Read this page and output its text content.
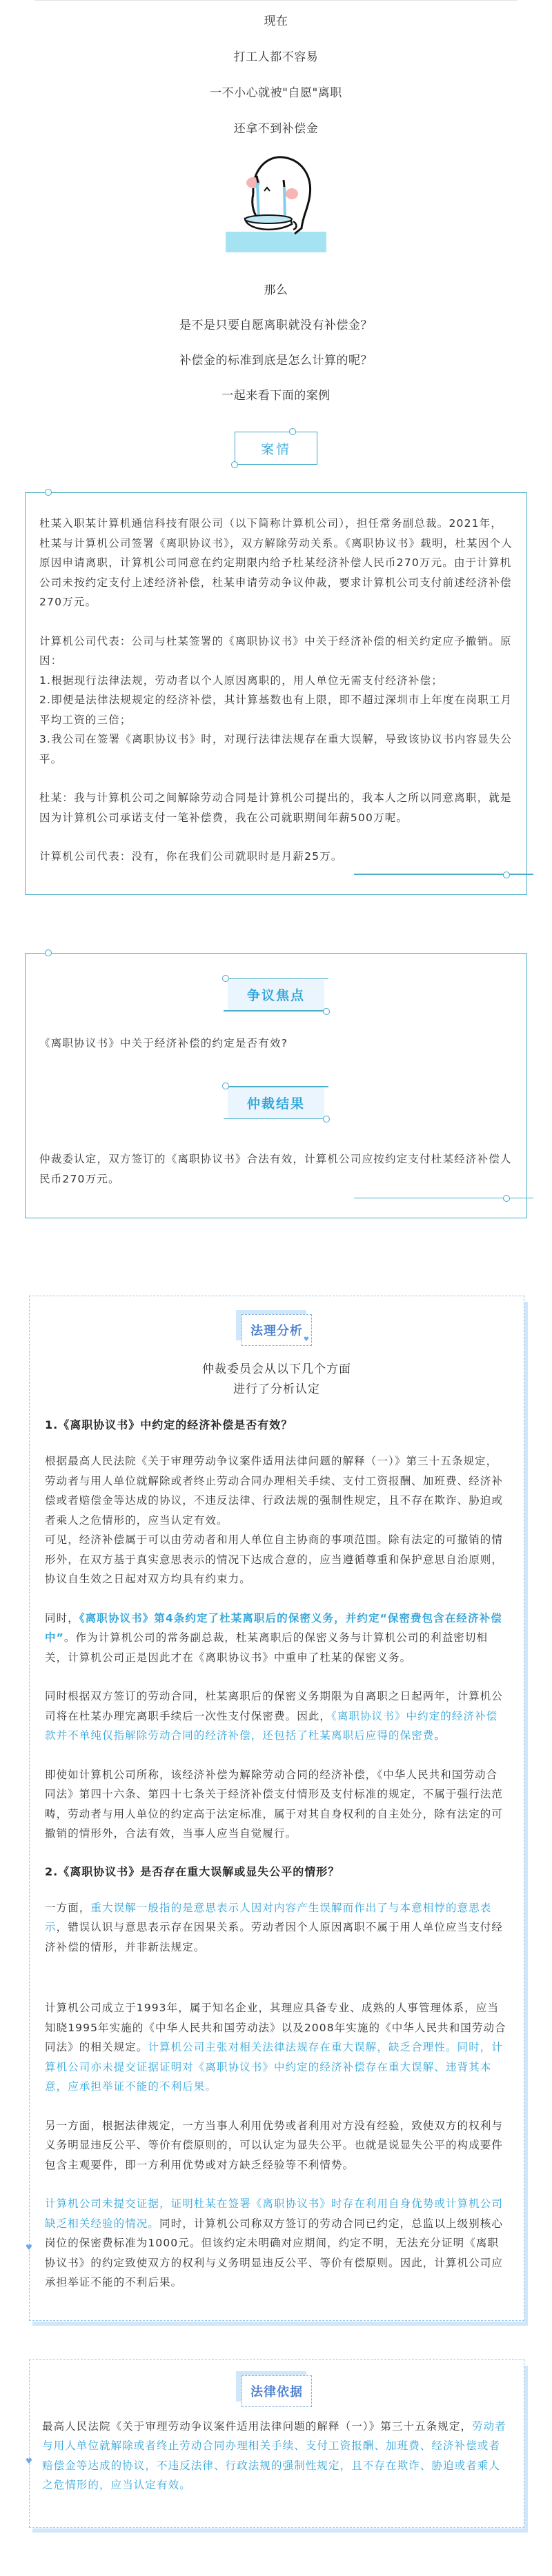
现在

打工人都不容易

一不小心就被"自愿"离职

还拿不到补偿金

那么

是不是只要自愿离职就没有补偿金？

补偿金的标准到底是怎么计算的呢？

一起来看下面的案例

案情

杜某入职某计算机通信科技有限公司（以下简称计算机公司），担任常务副总裁。2021年，杜某与计算机公司签署《离职协议书》，双方解除劳动关系。《离职协议书》载明，杜某因个人原因申请离职，计算机公司同意在约定期限内给予杜某经济补偿人民币270万元。由于计算机公司未按约定支付上述经济补偿，杜某申请劳动争议仲裁，要求计算机公司支付前述经济补偿270万元。

计算机公司代表：公司与杜某签署的《离职协议书》中关于经济补偿的相关约定应予撤销。原因：

1.根据现行法律法规，劳动者以个人原因离职的，用人单位无需支付经济补偿；

2.即便是法律法规规定的经济补偿，其计算基数也有上限，即不超过深圳市上年度在岗职工月平均工资的三倍；

3.我公司在签署《离职协议书》时，对现行法律法规存在重大误解，导致该协议书内容显失公平。

杜某：我与计算机公司之间解除劳动合同是计算机公司提出的，我本人之所以同意离职，就是因为计算机公司承诺支付一笔补偿费，我在公司就职期间年薪500万呢。

计算机公司代表：没有，你在我们公司就职时是月薪25万。

争议焦点

《离职协议书》中关于经济补偿的约定是否有效?

仲裁结果

仲裁委认定，双方签订的《离职协议书》合法有效，计算机公司应按约定支付杜某经济补偿人民币270万元。

♥
法理分析
♥
仲裁委员会从以下几个方面
进行了分析认定
1.《离职协议书》中约定的经济补偿是否有效？

根据最高人民法院《关于审理劳动争议案件适用法律问题的解释（一）》第三十五条规定，劳动者与用人单位就解除或者终止劳动合同办理相关手续、支付工资报酬、加班费、经济补偿或者赔偿金等达成的协议，不违反法律、行政法规的强制性规定，且不存在欺诈、胁迫或者乘人之危情形的，应当认定有效。

可见，经济补偿属于可以由劳动者和用人单位自主协商的事项范围。除有法定的可撤销的情形外，在双方基于真实意思表示的情况下达成合意的，应当遵循尊重和保护意思自治原则，协议自生效之日起对双方均具有约束力。

同时，《离职协议书》第4条约定了杜某离职后的保密义务，并约定“保密费包含在经济补偿中”。作为计算机公司的常务副总裁，杜某离职后的保密义务与计算机公司的利益密切相关，计算机公司正是因此才在《离职协议书》中重申了杜某的保密义务。

同时根据双方签订的劳动合同，杜某离职后的保密义务期限为自离职之日起两年，计算机公司将在杜某办理完离职手续后一次性支付保密费。因此，《离职协议书》中约定的经济补偿款并不单纯仅指解除劳动合同的经济补偿，还包括了杜某离职后应得的保密费。

即使如计算机公司所称，该经济补偿为解除劳动合同的经济补偿，《中华人民共和国劳动合同法》第四十六条、第四十七条关于经济补偿支付情形及支付标准的规定，不属于强行法范畴，劳动者与用人单位的约定高于法定标准，属于对其自身权利的自主处分，除有法定的可撤销的情形外，合法有效，当事人应当自觉履行。

2.《离职协议书》是否存在重大误解或显失公平的情形？

一方面，重大误解一般指的是意思表示人因对内容产生误解而作出了与本意相悖的意思表示，错误认识与意思表示存在因果关系。劳动者因个人原因离职不属于用人单位应当支付经济补偿的情形，并非新法规定。

计算机公司成立于1993年，属于知名企业，其理应具备专业、成熟的人事管理体系，应当知晓1995年实施的《中华人民共和国劳动法》以及2008年实施的《中华人民共和国劳动合同法》的相关规定。计算机公司主张对相关法律法规存在重大误解，缺乏合理性。同时，计算机公司亦未提交证据证明对《离职协议书》中约定的经济补偿存在重大误解、违背其本意，应承担举证不能的不利后果。

另一方面，根据法律规定，一方当事人利用优势或者利用对方没有经验，致使双方的权利与义务明显违反公平、等价有偿原则的，可以认定为显失公平。也就是说显失公平的构成要件包含主观要件，即一方利用优势或对方缺乏经验等不利情势。

计算机公司未提交证据，证明杜某在签署《离职协议书》时存在利用自身优势或计算机公司缺乏相关经验的情况。同时，计算机公司称双方签订的劳动合同已约定，总监以上级别核心岗位的保密费标准为1000元。但该约定未明确对应期间，约定不明，无法充分证明《离职协议书》的约定致使双方的权利与义务明显违反公平、等价有偿原则。因此，计算机公司应承担举证不能的不利后果。

♥
法律依据

最高人民法院《关于审理劳动争议案件适用法律问题的解释（一）》第三十五条规定，劳动者与用人单位就解除或者终止劳动合同办理相关手续、支付工资报酬、加班费、经济补偿或者赔偿金等达成的协议，不违反法律、行政法规的强制性规定，且不存在欺诈、胁迫或者乘人之危情形的，应当认定有效。
